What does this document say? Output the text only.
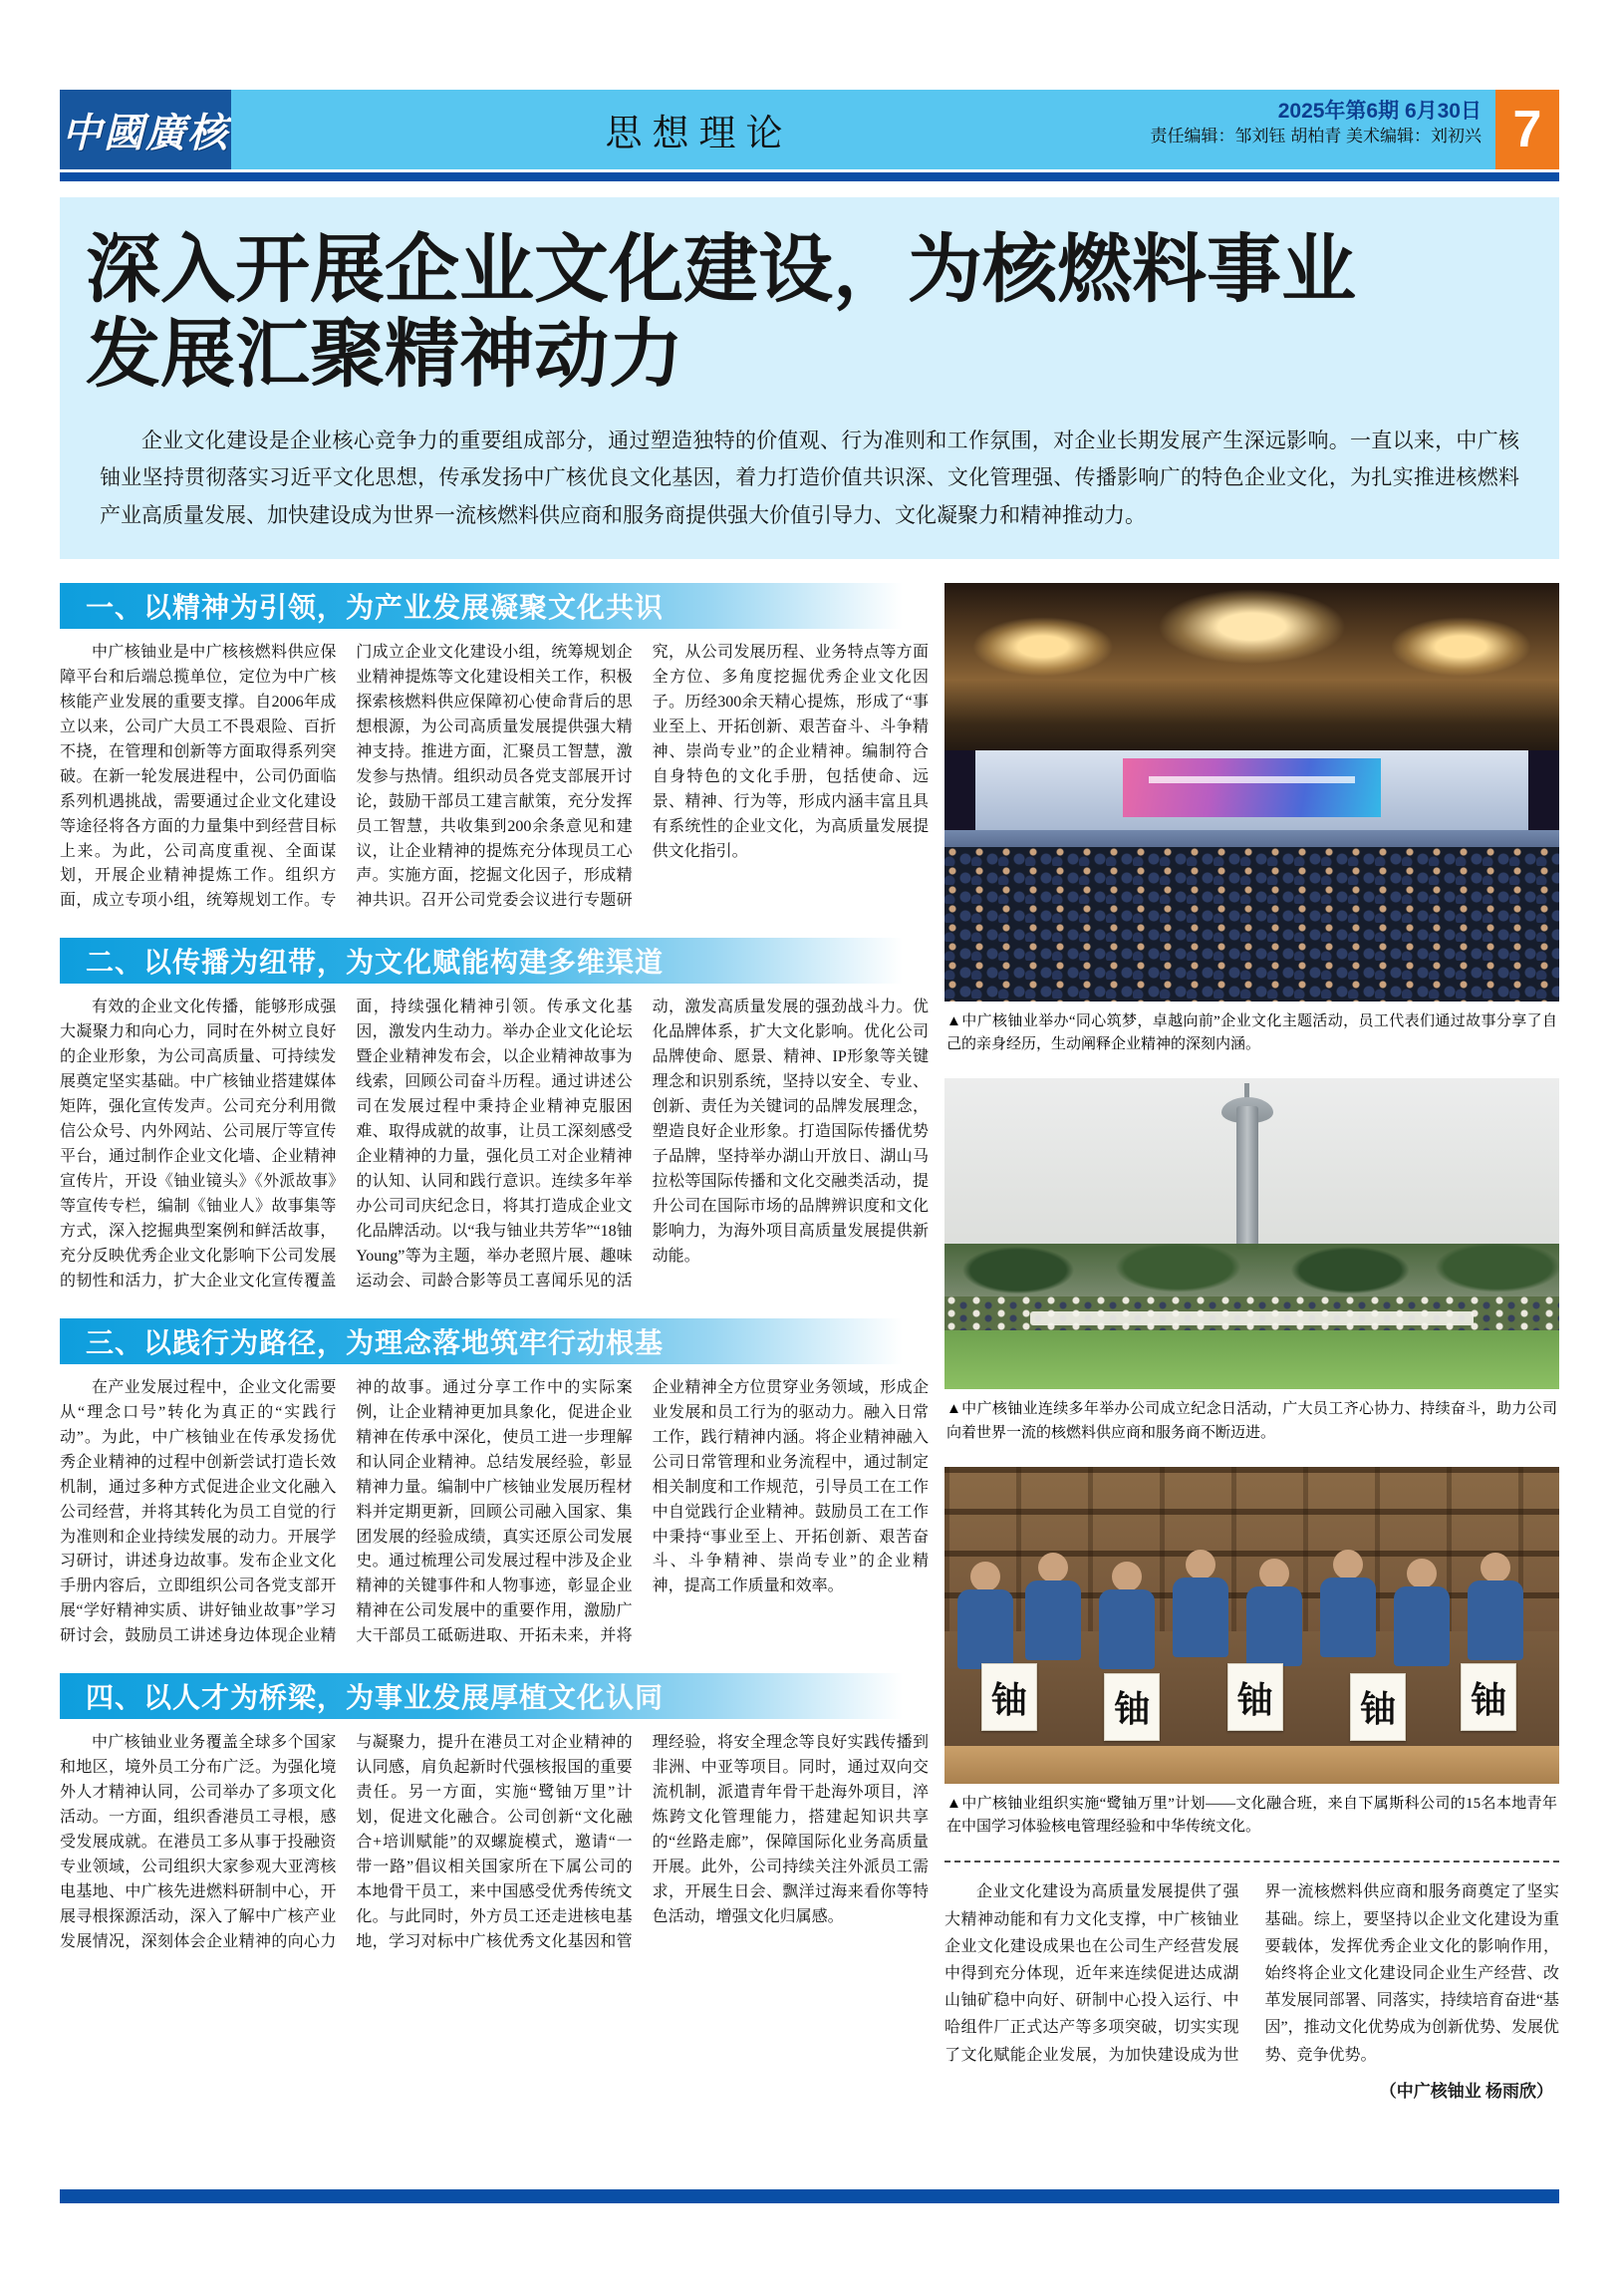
中國廣核	思想理论
2025年第6期 6月30日
责任编辑：邹刘钰 胡柏青 美术编辑：刘初兴 7
深入开展企业文化建设，为核燃料事业
发展汇聚精神动力

企业文化建设是企业核心竞争力的重要组成部分，通过塑造独特的价值观、行为准则和工作氛围，对企业长期发展产生深远影响。一直以来，中广核铀业坚持贯彻落实习近平文化思想，传承发扬中广核优良文化基因，着力打造价值共识深、文化管理强、传播影响广的特色企业文化，为扎实推进核燃料产业高质量发展、加快建设成为世界一流核燃料供应商和服务商提供强大价值引导力、文化凝聚力和精神推动力。

一、以精神为引领，为产业发展凝聚文化共识

中广核铀业是中广核核燃料供应保障平台和后端总揽单位，定位为中广核核能产业发展的重要支撑。自2006年成立以来，公司广大员工不畏艰险、百折不挠，在管理和创新等方面取得系列突破。在新一轮发展进程中，公司仍面临系列机遇挑战，需要通过企业文化建设等途径将各方面的力量集中到经营目标上来。为此，公司高度重视、全面谋划，开展企业精神提炼工作。组织方面，成立专项小组，统筹规划工作。专门成立企业文化建设小组，统筹规划企业精神提炼等文化建设相关工作，积极探索核燃料供应保障初心使命背后的思想根源，为公司高质量发展提供强大精神支持。推进方面，汇聚员工智慧，激发参与热情。组织动员各党支部展开讨论，鼓励干部员工建言献策，充分发挥员工智慧，共收集到200余条意见和建议，让企业精神的提炼充分体现员工心声。实施方面，挖掘文化因子，形成精神共识。召开公司党委会议进行专题研究，从公司发展历程、业务特点等方面全方位、多角度挖掘优秀企业文化因子。历经300余天精心提炼，形成了“事业至上、开拓创新、艰苦奋斗、斗争精神、崇尚专业”的企业精神。编制符合自身特色的文化手册，包括使命、远景、精神、行为等，形成内涵丰富且具有系统性的企业文化，为高质量发展提供文化指引。

二、以传播为纽带，为文化赋能构建多维渠道

有效的企业文化传播，能够形成强大凝聚力和向心力，同时在外树立良好的企业形象，为公司高质量、可持续发展奠定坚实基础。中广核铀业搭建媒体矩阵，强化宣传发声。公司充分利用微信公众号、内外网站、公司展厅等宣传平台，通过制作企业文化墙、企业精神宣传片，开设《铀业镜头》《外派故事》等宣传专栏，编制《铀业人》故事集等方式，深入挖掘典型案例和鲜活故事，充分反映优秀企业文化影响下公司发展的韧性和活力，扩大企业文化宣传覆盖面，持续强化精神引领。传承文化基因，激发内生动力。举办企业文化论坛暨企业精神发布会，以企业精神故事为线索，回顾公司奋斗历程。通过讲述公司在发展过程中秉持企业精神克服困难、取得成就的故事，让员工深刻感受企业精神的力量，强化员工对企业精神的认知、认同和践行意识。连续多年举办公司司庆纪念日，将其打造成企业文化品牌活动。以“我与铀业共芳华”“18铀Young”等为主题，举办老照片展、趣味运动会、司龄合影等员工喜闻乐见的活动，激发高质量发展的强劲战斗力。优化品牌体系，扩大文化影响。优化公司品牌使命、愿景、精神、IP形象等关键理念和识别系统，坚持以安全、专业、创新、责任为关键词的品牌发展理念，塑造良好企业形象。打造国际传播优势子品牌，坚持举办湖山开放日、湖山马拉松等国际传播和文化交融类活动，提升公司在国际市场的品牌辨识度和文化影响力，为海外项目高质量发展提供新动能。

三、以践行为路径，为理念落地筑牢行动根基

在产业发展过程中，企业文化需要从“理念口号”转化为真正的“实践行动”。为此，中广核铀业在传承发扬优秀企业精神的过程中创新尝试打造长效机制，通过多种方式促进企业文化融入公司经营，并将其转化为员工自觉的行为准则和企业持续发展的动力。开展学习研讨，讲述身边故事。发布企业文化手册内容后，立即组织公司各党支部开展“学好精神实质、讲好铀业故事”学习研讨会，鼓励员工讲述身边体现企业精神的故事。通过分享工作中的实际案例，让企业精神更加具象化，促进企业精神在传承中深化，使员工进一步理解和认同企业精神。总结发展经验，彰显精神力量。编制中广核铀业发展历程材料并定期更新，回顾公司融入国家、集团发展的经验成绩，真实还原公司发展史。通过梳理公司发展过程中涉及企业精神的关键事件和人物事迹，彰显企业精神在公司发展中的重要作用，激励广大干部员工砥砺进取、开拓未来，并将企业精神全方位贯穿业务领域，形成企业发展和员工行为的驱动力。融入日常工作，践行精神内涵。将企业精神融入公司日常管理和业务流程中，通过制定相关制度和工作规范，引导员工在工作中自觉践行企业精神。鼓励员工在工作中秉持“事业至上、开拓创新、艰苦奋斗、斗争精神、崇尚专业”的企业精神，提高工作质量和效率。

四、以人才为桥梁，为事业发展厚植文化认同

中广核铀业业务覆盖全球多个国家和地区，境外员工分布广泛。为强化境外人才精神认同，公司举办了多项文化活动。一方面，组织香港员工寻根，感受发展成就。在港员工多从事于投融资专业领域，公司组织大家参观大亚湾核电基地、中广核先进燃料研制中心，开展寻根探源活动，深入了解中广核产业发展情况，深刻体会企业精神的向心力与凝聚力，提升在港员工对企业精神的认同感，肩负起新时代强核报国的重要责任。另一方面，实施“鹭铀万里”计划，促进文化融合。公司创新“文化融合+培训赋能”的双螺旋模式，邀请“一带一路”倡议相关国家所在下属公司的本地骨干员工，来中国感受优秀传统文化。与此同时，外方员工还走进核电基地，学习对标中广核优秀文化基因和管理经验，将安全理念等良好实践传播到非洲、中亚等项目。同时，通过双向交流机制，派遣青年骨干赴海外项目，淬炼跨文化管理能力，搭建起知识共享的“丝路走廊”，保障国际化业务高质量开展。此外，公司持续关注外派员工需求，开展生日会、飘洋过海来看你等特色活动，增强文化归属感。

▲中广核铀业举办“同心筑梦，卓越向前”企业文化主题活动，员工代表们通过故事分享了自己的亲身经历，生动阐释企业精神的深刻内涵。
▲中广核铀业连续多年举办公司成立纪念日活动，广大员工齐心协力、持续奋斗，助力公司向着世界一流的核燃料供应商和服务商不断迈进。
铀 铀 铀 铀 铀
▲中广核铀业组织实施“鹭铀万里”计划——文化融合班，来自下属斯科公司的15名本地青年在中国学习体验核电管理经验和中华传统文化。

企业文化建设为高质量发展提供了强大精神动能和有力文化支撑，中广核铀业企业文化建设成果也在公司生产经营发展中得到充分体现，近年来连续促进达成湖山铀矿稳中向好、研制中心投入运行、中哈组件厂正式达产等多项突破，切实实现了文化赋能企业发展，为加快建设成为世界一流核燃料供应商和服务商奠定了坚实基础。综上，要坚持以企业文化建设为重要载体，发挥优秀企业文化的影响作用，始终将企业文化建设同企业生产经营、改革发展同部署、同落实，持续培育奋进“基因”，推动文化优势成为创新优势、发展优势、竞争优势。

（中广核铀业 杨雨欣）
